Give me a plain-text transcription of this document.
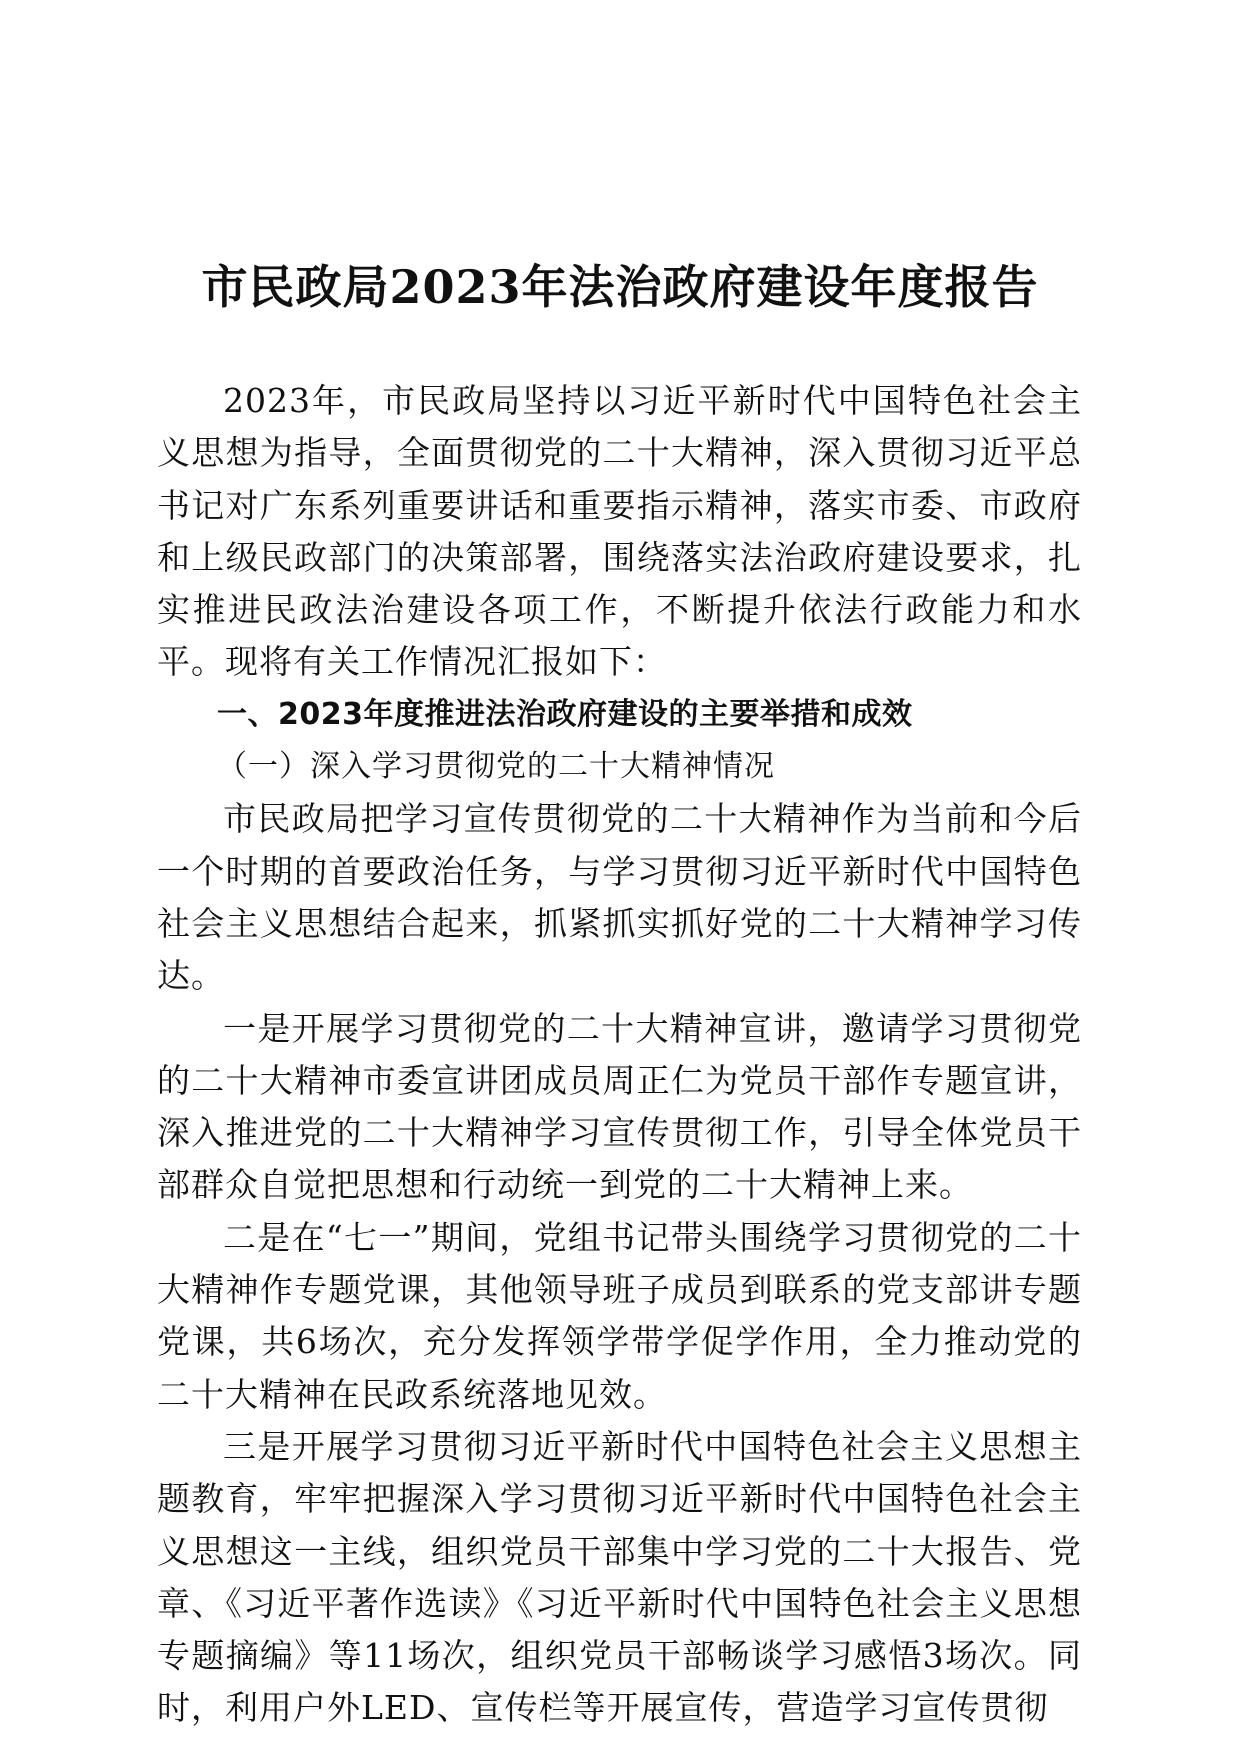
市民政局2023年法治政府建设年度报告

2023年，市民政局坚持以习近平新时代中国特色社会主义思想为指导，全面贯彻党的二十大精神，深入贯彻习近平总书记对广东系列重要讲话和重要指示精神，落实市委、市政府和上级民政部门的决策部署，围绕落实法治政府建设要求，扎实推进民政法治建设各项工作，不断提升依法行政能力和水平。现将有关工作情况汇报如下：

一、2023年度推进法治政府建设的主要举措和成效

（一）深入学习贯彻党的二十大精神情况

市民政局把学习宣传贯彻党的二十大精神作为当前和今后一个时期的首要政治任务，与学习贯彻习近平新时代中国特色社会主义思想结合起来，抓紧抓实抓好党的二十大精神学习传达。

一是开展学习贯彻党的二十大精神宣讲，邀请学习贯彻党的二十大精神市委宣讲团成员周正仁为党员干部作专题宣讲，深入推进党的二十大精神学习宣传贯彻工作，引导全体党员干部群众自觉把思想和行动统一到党的二十大精神上来。

二是在“七一”期间，党组书记带头围绕学习贯彻党的二十大精神作专题党课，其他领导班子成员到联系的党支部讲专题党课，共6场次，充分发挥领学带学促学作用，全力推动党的二十大精神在民政系统落地见效。

三是开展学习贯彻习近平新时代中国特色社会主义思想主题教育，牢牢把握深入学习贯彻习近平新时代中国特色社会主义思想这一主线，组织党员干部集中学习党的二十大报告、党章、《习近平著作选读》《习近平新时代中国特色社会主义思想专题摘编》等11场次，组织党员干部畅谈学习感悟3场次。同时，利用户外LED、宣传栏等开展宣传，营造学习宣传贯彻
